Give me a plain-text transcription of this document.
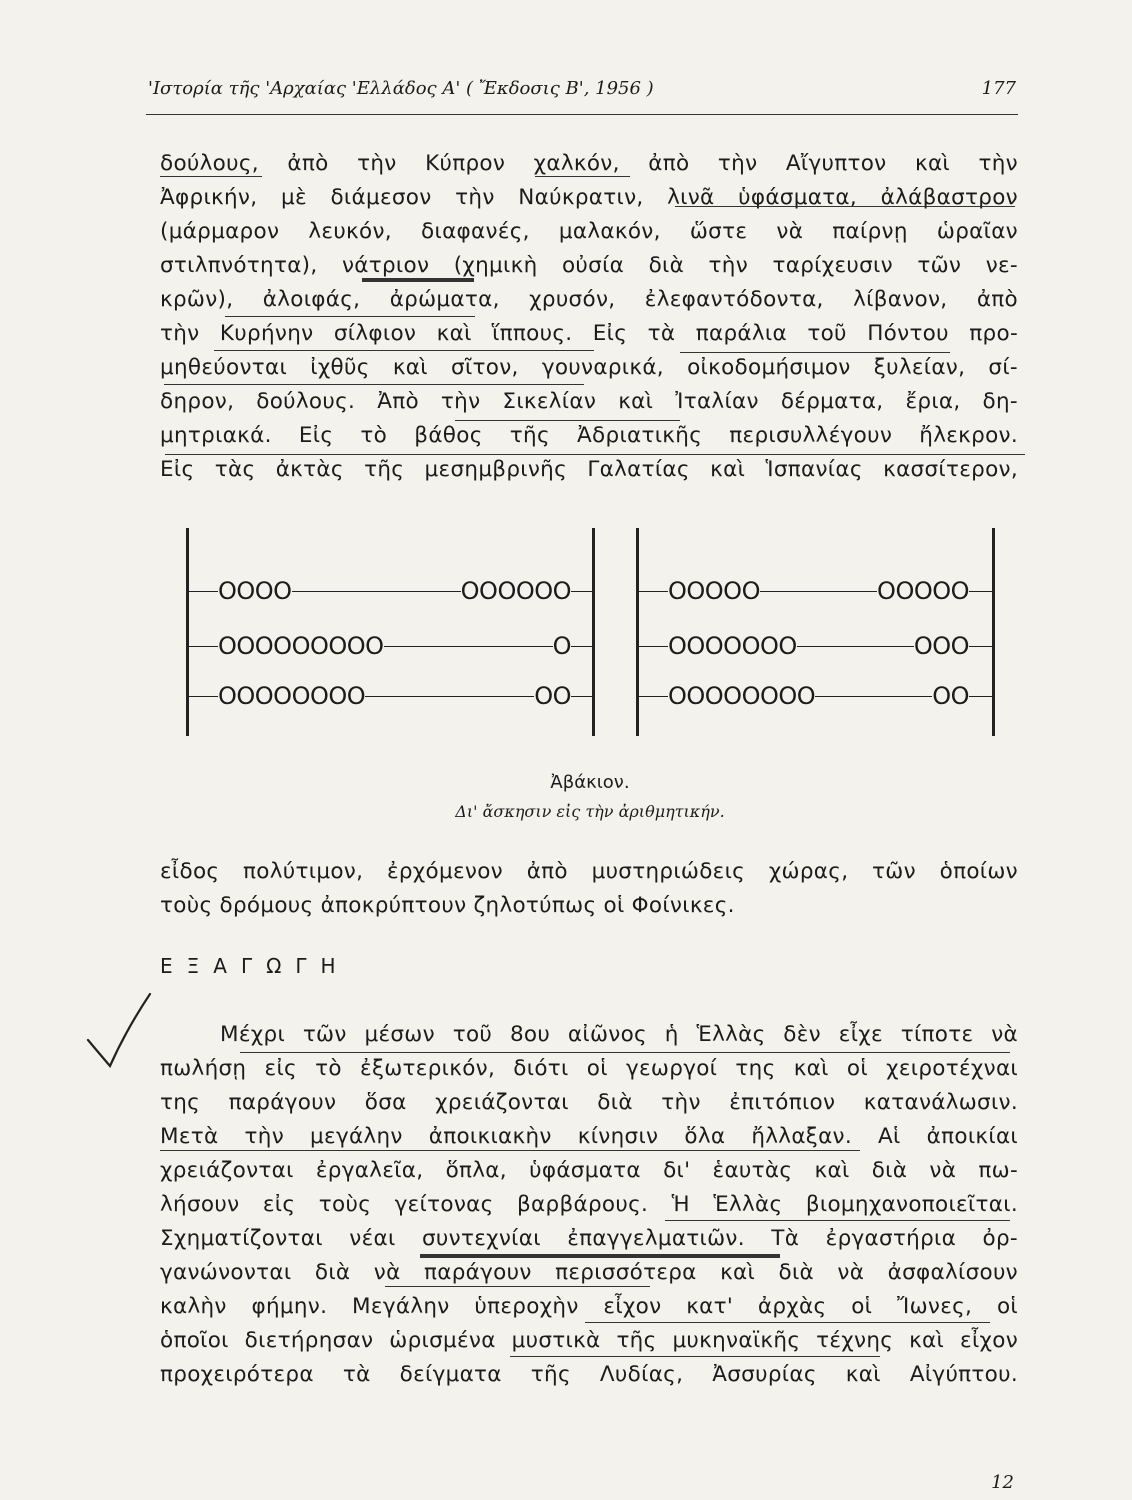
'Ιστορία τῆς 'Αρχαίας 'Ελλάδος Α' ( Ἔκδοσις Β', 1956 )	177
δούλους, ἀπὸ τὴν Κύπρον χαλκόν, ἀπὸ τὴν Αἴγυπτον καὶ τὴν
Ἀφρικήν, μὲ διάμεσον τὴν Ναύκρατιν, λινᾶ ὑφάσματα, ἀλάβαστρον
(μάρμαρον λευκόν, διαφανές, μαλακόν, ὥστε νὰ παίρνῃ ὡραῖαν
στιλπνότητα), νάτριον (χημικὴ οὐσία διὰ τὴν ταρίχευσιν τῶν νε-
κρῶν), ἀλοιφάς, ἀρώματα, χρυσόν, ἐλεφαντόδοντα, λίβανον, ἀπὸ
τὴν Κυρήνην σίλφιον καὶ ἵππους. Εἰς τὰ παράλια τοῦ Πόντου προ-
μηθεύονται ἰχθῦς καὶ σῖτον, γουναρικά, οἰκοδομήσιμον ξυλείαν, σί-
δηρον, δούλους. Ἀπὸ τὴν Σικελίαν καὶ Ἰταλίαν δέρματα, ἔρια, δη-
μητριακά. Εἰς τὸ βάθος τῆς Ἀδριατικῆς περισυλλέγουν ἤλεκρον.
Εἰς τὰς ἀκτὰς τῆς μεσημβρινῆς Γαλατίας καὶ Ἱσπανίας κασσίτερον,
OOOO	OOOOOO
OOOOOOOOO	O
OOOOOOOO	OO
OOOOO	OOOOO
OOOOOOO	OOO
OOOOOOOO	OO
Ἀβάκιον.
Δι' ἄσκησιν εἰς τὴν ἀριθμητικήν.
εἶδος πολύτιμον, ἐρχόμενον ἀπὸ μυστηριώδεις χώρας, τῶν ὁποίων
τοὺς δρόμους ἀποκρύπτουν ζηλοτύπως οἱ Φοίνικες.
ΕΞΑΓΩΓΗ
Μέχρι τῶν μέσων τοῦ 8ου αἰῶνος ἡ Ἑλλὰς δὲν εἶχε τίποτε νὰ
πωλήσῃ εἰς τὸ ἐξωτερικόν, διότι οἱ γεωργοί της καὶ οἱ χειροτέχναι
της παράγουν ὅσα χρειάζονται διὰ τὴν ἐπιτόπιον κατανάλωσιν.
Μετὰ τὴν μεγάλην ἀποικιακὴν κίνησιν ὅλα ἤλλαξαν. Αἱ ἀποικίαι
χρειάζονται ἐργαλεῖα, ὅπλα, ὑφάσματα δι' ἑαυτὰς καὶ διὰ νὰ πω-
λήσουν εἰς τοὺς γείτονας βαρβάρους. Ἡ Ἑλλὰς βιομηχανοποιεῖται.
Σχηματίζονται νέαι συντεχνίαι ἐπαγγελματιῶν. Τὰ ἐργαστήρια ὀρ-
γανώνονται διὰ νὰ παράγουν περισσότερα καὶ διὰ νὰ ἀσφαλίσουν
καλὴν φήμην. Μεγάλην ὑπεροχὴν εἶχον κατ' ἀρχὰς οἱ Ἴωνες, οἱ
ὁποῖοι διετήρησαν ὡρισμένα μυστικὰ τῆς μυκηναϊκῆς τέχνης καὶ εἶχον
προχειρότερα τὰ δείγματα τῆς Λυδίας, Ἀσσυρίας καὶ Αἰγύπτου.
12
